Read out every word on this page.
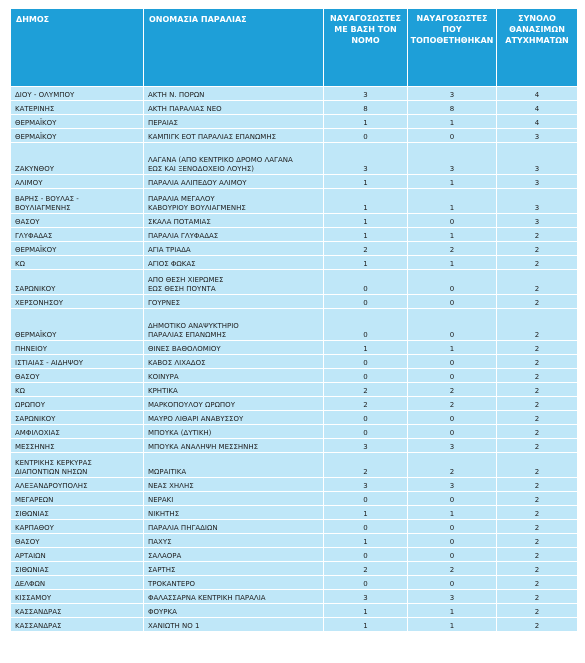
ΔΗΜΟΣ	ΟΝΟΜΑΣΙΑ ΠΑΡΑΛΙΑΣ	ΝΑΥΑΓΟΣΩΣΤΕΣ ΜΕ ΒΑΣΗ ΤΟΝ ΝΟΜΟ	ΝΑΥΑΓΟΣΩΣΤΕΣ ΠΟΥ ΤΟΠΟΘΕΤΗΘΗΚΑΝ	ΣΥΝΟΛΟ ΘΑΝΑΣΙΜΩΝ ΑΤΥΧΗΜΑΤΩΝ

ΔΙΟΥ - ΟΛΥΜΠΟΥ	ΑΚΤΗ Ν. ΠΟΡΩΝ	3	3	4

ΚΑΤΕΡΙΝΗΣ	ΑΚΤΗ ΠΑΡΑΛΙΑΣ ΝΕΟ	8	8	4

ΘΕΡΜΑΪΚΟΥ	ΠΕΡΑΙΑΣ	1	1	4

ΘΕΡΜΑΪΚΟΥ	ΚΑΜΠΙΓΚ ΕΟΤ ΠΑΡΑΛΙΑΣ ΕΠΑΝΩΜΗΣ	0	0	3

ΖΑΚΥΝΘΟΥ	ΛΑΓΑΝΑ (ΑΠΟ ΚΕΝΤΡΙΚΟ ΔΡΟΜΟ ΛΑΓΑΝΑ
ΕΩΣ ΚΑΙ ΞΕΝΟΔΟΧΕΙΟ ΛΟΥΗΣ)	3	3	3

ΑΛΙΜΟΥ	ΠΑΡΑΛΙΑ ΑΛΙΠΕΔΟΥ ΑΛΙΜΟΥ	1	1	3

ΒΑΡΗΣ - ΒΟΥΛΑΣ -
ΒΟΥΛΙΑΓΜΕΝΗΣ	ΠΑΡΑΛΙΑ ΜΕΓΑΛΟΥ
ΚΑΒΟΥΡΙΟΥ ΒΟΥΛΙΑΓΜΕΝΗΣ	1	1	3

ΘΑΣΟΥ	ΣΚΑΛΑ ΠΟΤΑΜΙΑΣ	1	0	3

ΓΛΥΦΑΔΑΣ	ΠΑΡΑΛΙΑ ΓΛΥΦΑΔΑΣ	1	1	2

ΘΕΡΜΑΪΚΟΥ	ΑΓΙΑ ΤΡΙΑΔΑ	2	2	2

ΚΩ	ΑΓΙΟΣ ΦΩΚΑΣ	1	1	2

ΣΑΡΩΝΙΚΟΥ	ΑΠΟ ΘΕΣΗ ΧΙΕΡΩΜΕΣ
ΕΩΣ ΘΕΣΗ ΠΟΥΝΤΑ	0	0	2

ΧΕΡΣΟΝΗΣΟΥ	ΓΟΥΡΝΕΣ	0	0	2

ΘΕΡΜΑΪΚΟΥ	ΔΗΜΟΤΙΚΟ ΑΝΑΨΥΚΤΗΡΙΟ
ΠΑΡΑΛΙΑΣ ΕΠΑΝΩΜΗΣ	0	0	2

ΠΗΝΕΙΟΥ	ΘΙΝΕΣ ΒΑΘΟΛΟΜΙΟΥ	1	1	2

ΙΣΤΙΑΙΑΣ - ΑΙΔΗΨΟΥ	ΚΑΒΟΣ ΛΙΧΑΔΟΣ	0	0	2

ΘΑΣΟΥ	ΚΟΙΝΥΡΑ	0	0	2

ΚΩ	ΚΡΗΤΙΚΑ	2	2	2

ΩΡΩΠΟΥ	ΜΑΡΚΟΠΟΥΛΟΥ ΩΡΩΠΟΥ	2	2	2

ΣΑΡΩΝΙΚΟΥ	ΜΑΥΡΟ ΛΙΘΑΡΙ ΑΝΑΒΥΣΣΟΥ	0	0	2

ΑΜΦΙΛΟΧΙΑΣ	ΜΠΟΥΚΑ (ΔΥΤΙΚΗ)	0	0	2

ΜΕΣΣΗΝΗΣ	ΜΠΟΥΚΑ ΑΝΑΛΗΨΗ ΜΕΣΣΗΝΗΣ	3	3	2

ΚΕΝΤΡΙΚΗΣ ΚΕΡΚΥΡΑΣ
ΔΙΑΠΟΝΤΙΩΝ ΝΗΣΩΝ	ΜΩΡΑΙΤΙΚΑ	2	2	2

ΑΛΕΞΑΝΔΡΟΥΠΟΛΗΣ	ΝΕΑΣ ΧΗΛΗΣ	3	3	2

ΜΕΓΑΡΕΩΝ	ΝΕΡΑΚΙ	0	0	2

ΣΙΘΩΝΙΑΣ	ΝΙΚΗΤΗΣ	1	1	2

ΚΑΡΠΑΘΟΥ	ΠΑΡΑΛΙΑ ΠΗΓΑΔΙΩΝ	0	0	2

ΘΑΣΟΥ	ΠΑΧΥΣ	1	0	2

ΑΡΤΑΙΩΝ	ΣΑΛΑΟΡΑ	0	0	2

ΣΙΘΩΝΙΑΣ	ΣΑΡΤΗΣ	2	2	2

ΔΕΛΦΩΝ	ΤΡΟΚΑΝΤΕΡΟ	0	0	2

ΚΙΣΣΑΜΟΥ	ΦΑΛΑΣΣΑΡΝΑ ΚΕΝΤΡΙΚΗ ΠΑΡΑΛΙΑ	3	3	2

ΚΑΣΣΑΝΔΡΑΣ	ΦΟΥΡΚΑ	1	1	2

ΚΑΣΣΑΝΔΡΑΣ	ΧΑΝΙΩΤΗ ΝΟ 1	1	1	2
